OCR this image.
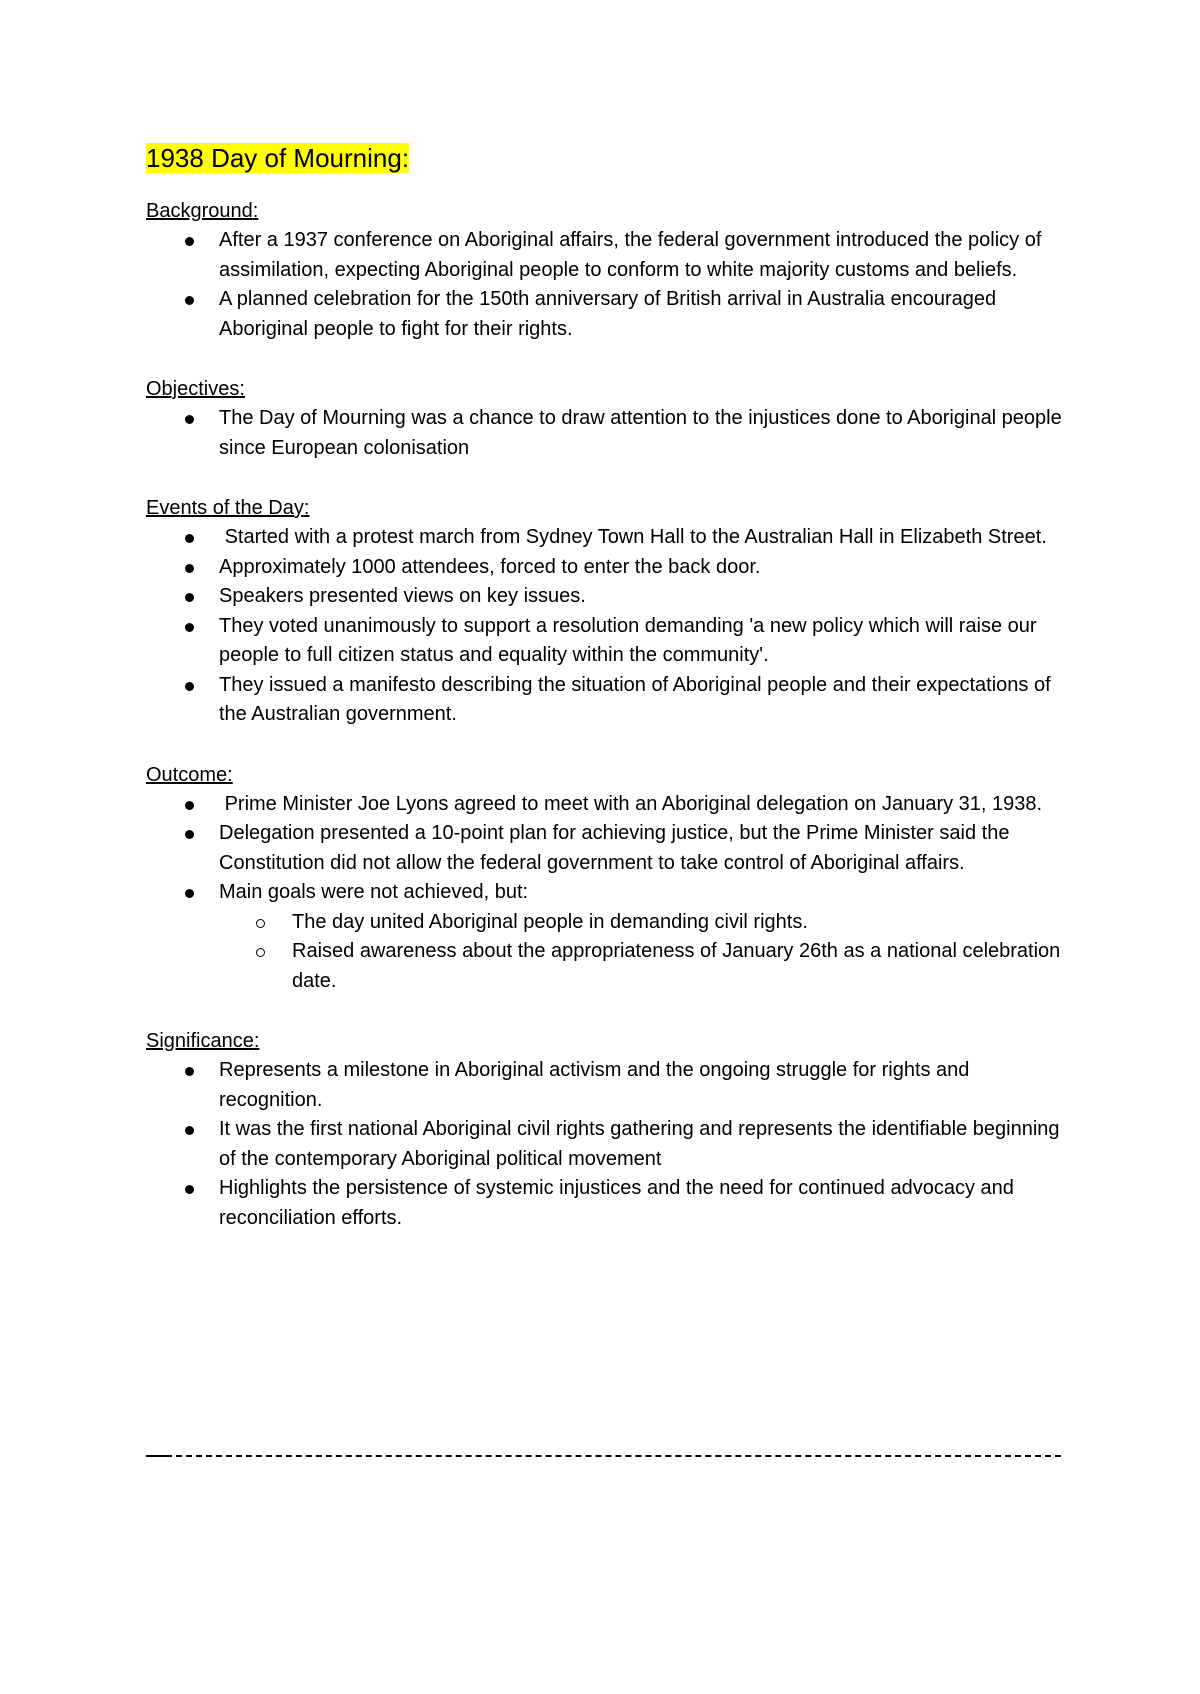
1938 Day of Mourning:

Background:

After a 1937 conference on Aboriginal affairs, the federal government introduced the policy of assimilation, expecting Aboriginal people to conform to white majority customs and beliefs.
A planned celebration for the 150th anniversary of British arrival in Australia encouraged Aboriginal people to fight for their rights.

Objectives:

The Day of Mourning was a chance to draw attention to the injustices done to Aboriginal people since European colonisation

Events of the Day:

Started with a protest march from Sydney Town Hall to the Australian Hall in Elizabeth Street.
Approximately 1000 attendees, forced to enter the back door.
Speakers presented views on key issues.
They voted unanimously to support a resolution demanding 'a new policy which will raise our people to full citizen status and equality within the community'.
They issued a manifesto describing the situation of Aboriginal people and their expectations of the Australian government.

Outcome:

Prime Minister Joe Lyons agreed to meet with an Aboriginal delegation on January 31, 1938.
Delegation presented a 10-point plan for achieving justice, but the Prime Minister said the Constitution did not allow the federal government to take control of Aboriginal affairs.
Main goals were not achieved, but:
The day united Aboriginal people in demanding civil rights.
Raised awareness about the appropriateness of January 26th as a national celebration date.

Significance:

Represents a milestone in Aboriginal activism and the ongoing struggle for rights and recognition.
It was the first national Aboriginal civil rights gathering and represents the identifiable beginning of the contemporary Aboriginal political movement
Highlights the persistence of systemic injustices and the need for continued advocacy and reconciliation efforts.
